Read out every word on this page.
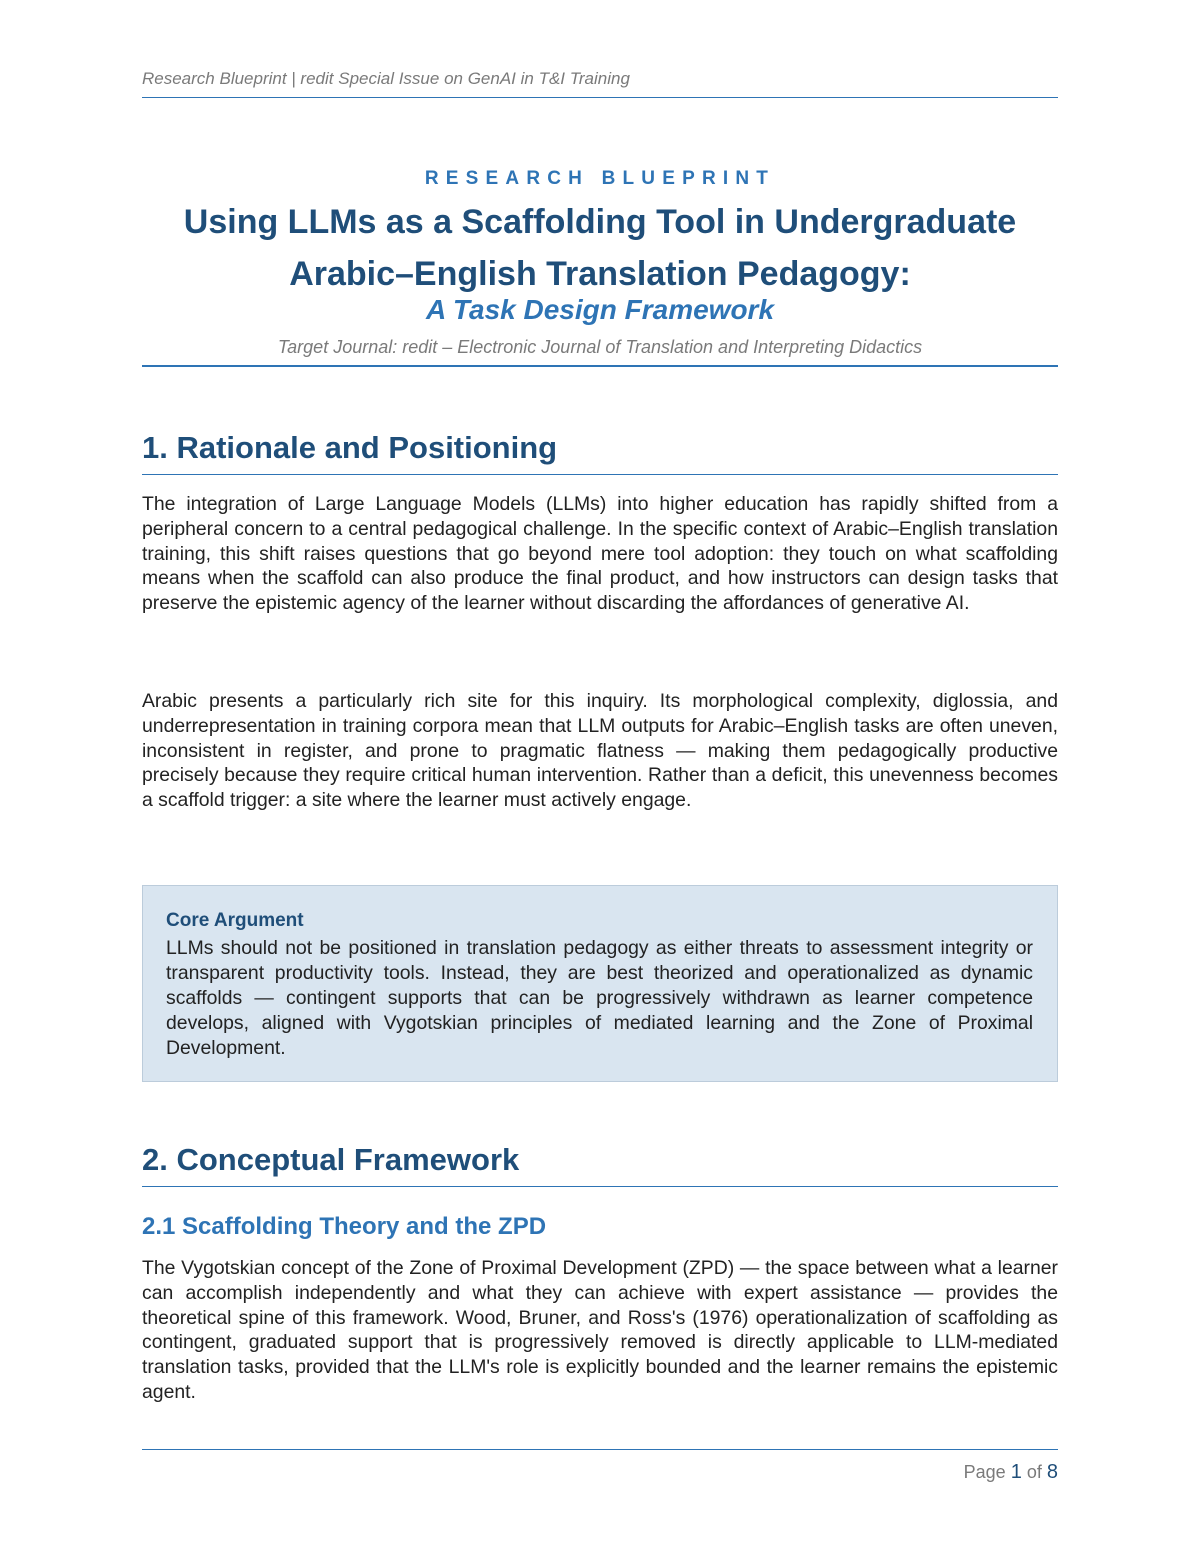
Research Blueprint | redit Special Issue on GenAI in T&I Training
RESEARCH BLUEPRINT
Using LLMs as a Scaffolding Tool in Undergraduate
Arabic–English Translation Pedagogy:
A Task Design Framework
Target Journal: redit – Electronic Journal of Translation and Interpreting Didactics
1. Rationale and Positioning

The integration of Large Language Models (LLMs) into higher education has rapidly shifted from a peripheral concern to a central pedagogical challenge. In the specific context of Arabic–English translation training, this shift raises questions that go beyond mere tool adoption: they touch on what scaffolding means when the scaffold can also produce the final product, and how instructors can design tasks that preserve the epistemic agency of the learner without discarding the affordances of generative AI.

Arabic presents a particularly rich site for this inquiry. Its morphological complexity, diglossia, and underrepresentation in training corpora mean that LLM outputs for Arabic–English tasks are often uneven, inconsistent in register, and prone to pragmatic flatness — making them pedagogically productive precisely because they require critical human intervention. Rather than a deficit, this unevenness becomes a scaffold trigger: a site where the learner must actively engage.

Core Argument

LLMs should not be positioned in translation pedagogy as either threats to assessment integrity or transparent productivity tools. Instead, they are best theorized and operationalized as dynamic scaffolds — contingent supports that can be progressively withdrawn as learner competence develops, aligned with Vygotskian principles of mediated learning and the Zone of Proximal Development.

2. Conceptual Framework
2.1 Scaffolding Theory and the ZPD

The Vygotskian concept of the Zone of Proximal Development (ZPD) — the space between what a learner can accomplish independently and what they can achieve with expert assistance — provides the theoretical spine of this framework. Wood, Bruner, and Ross's (1976) operationalization of scaffolding as contingent, graduated support that is progressively removed is directly applicable to LLM-mediated translation tasks, provided that the LLM's role is explicitly bounded and the learner remains the epistemic agent.

Page 1 of 8
